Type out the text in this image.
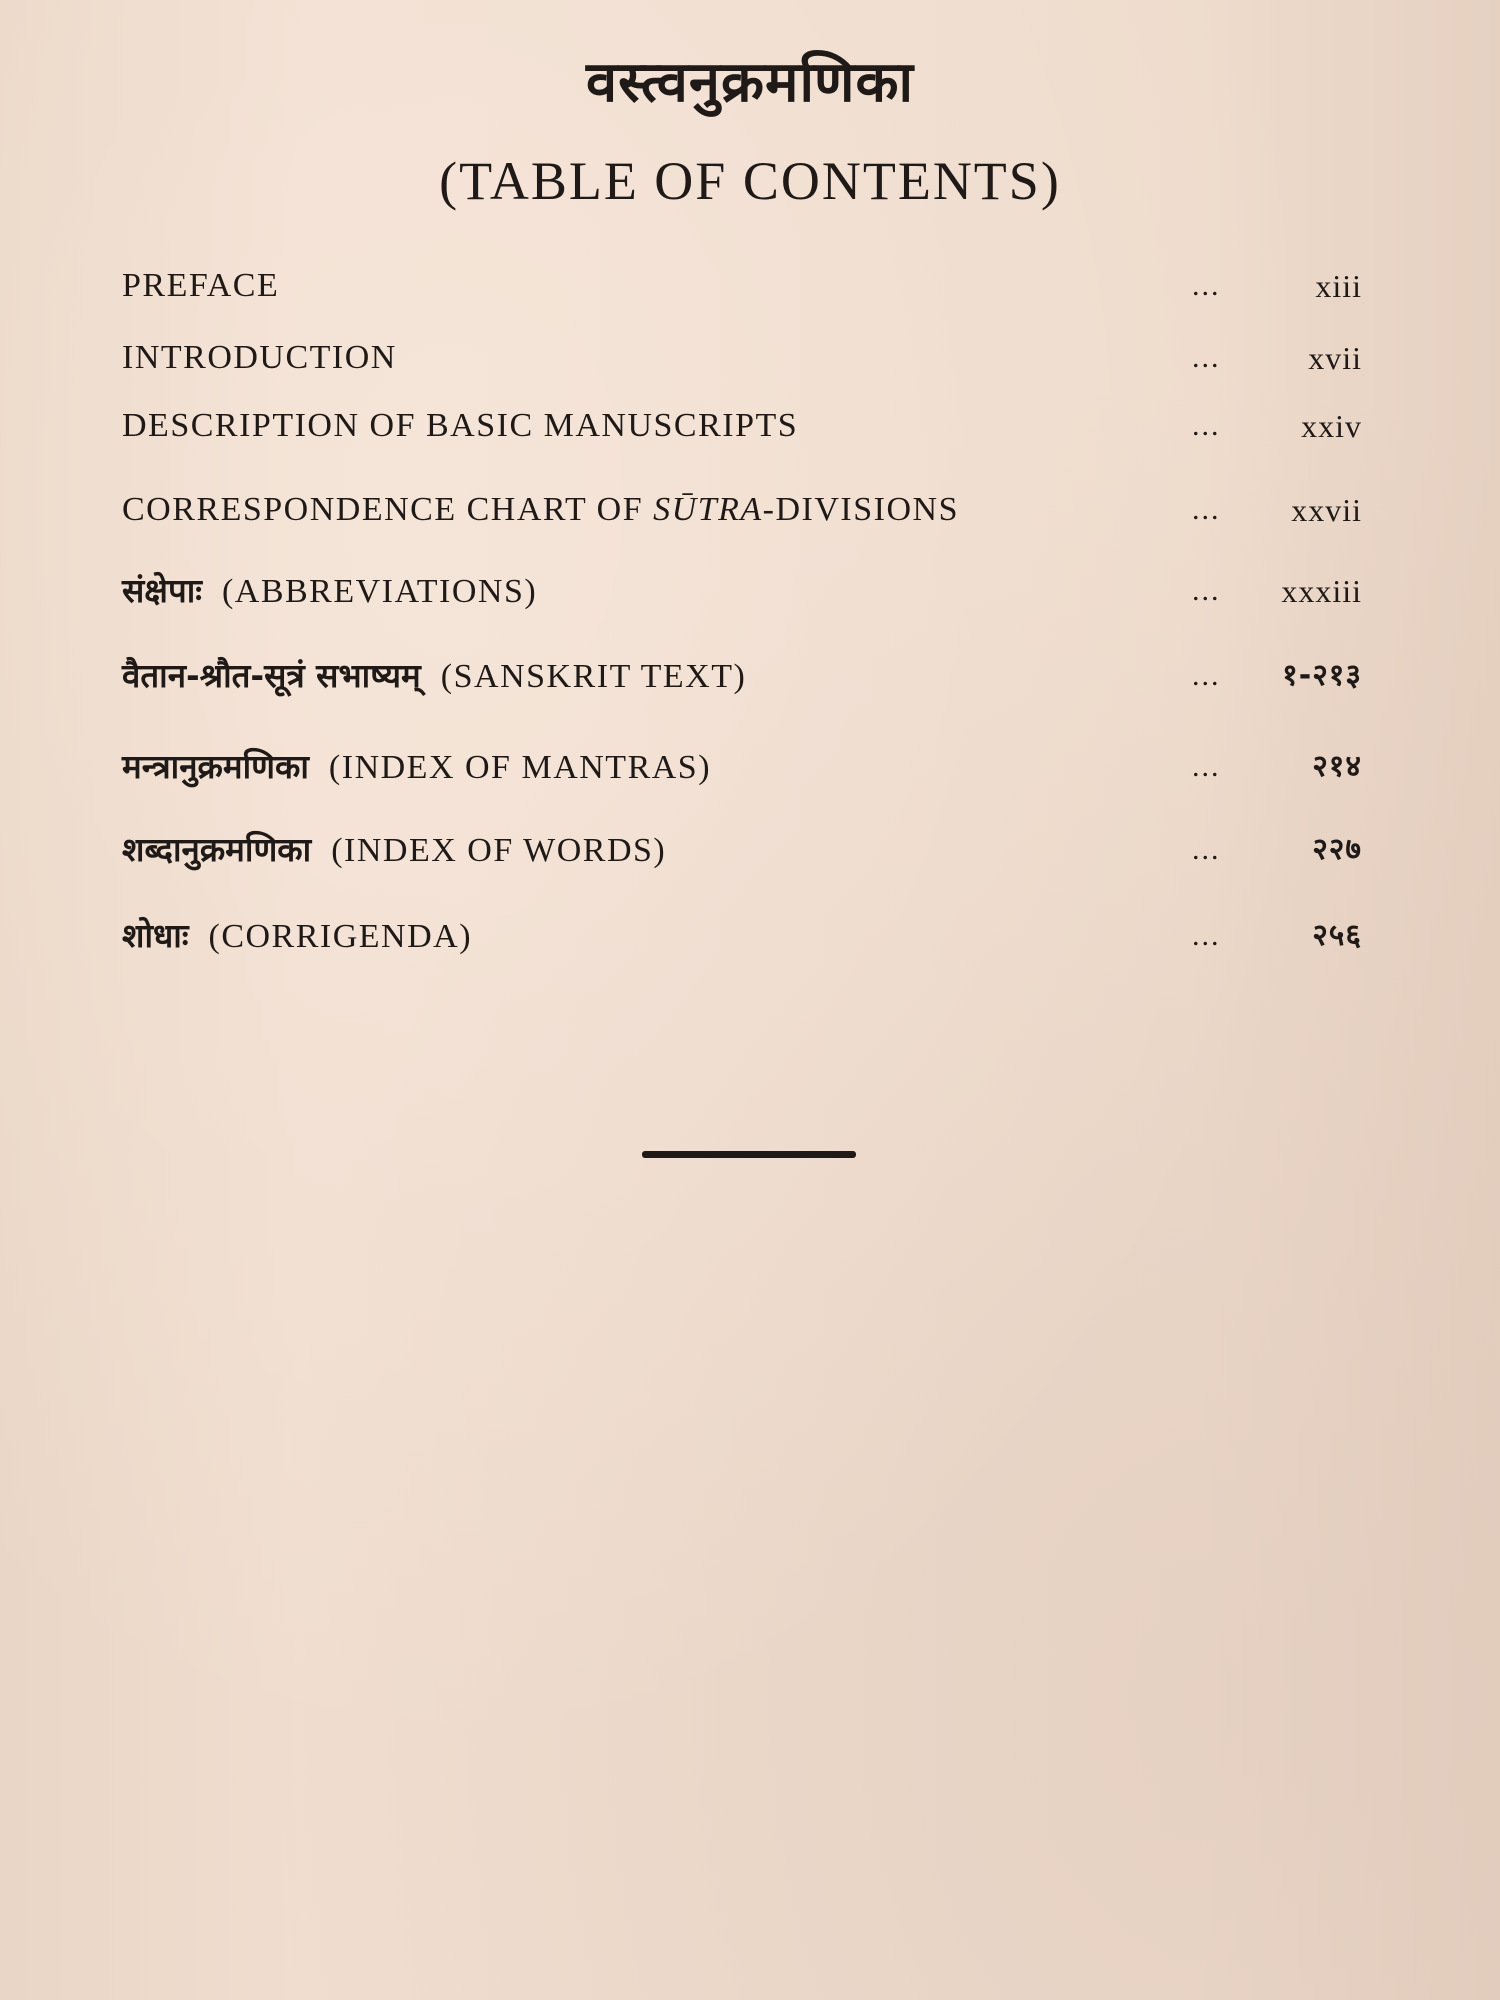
वस्त्वनुक्रमणिका
(TABLE OF CONTENTS)
PREFACE	...	xiii
INTRODUCTION	...	xvii
DESCRIPTION OF BASIC MANUSCRIPTS	...	xxiv
CORRESPONDENCE CHART OF SŪTRA-DIVISIONS	... xxvii
संक्षेपाः (ABBREVIATIONS)	... xxxiii
वैतान-श्रौत-सूत्रं सभाष्यम् (SANSKRIT TEXT)	... १-२१३
मन्त्रानुक्रमणिका (INDEX OF MANTRAS)	...	२१४
शब्दानुक्रमणिका (INDEX OF WORDS)	...	२२७
शोधाः (CORRIGENDA)	...	२५६
